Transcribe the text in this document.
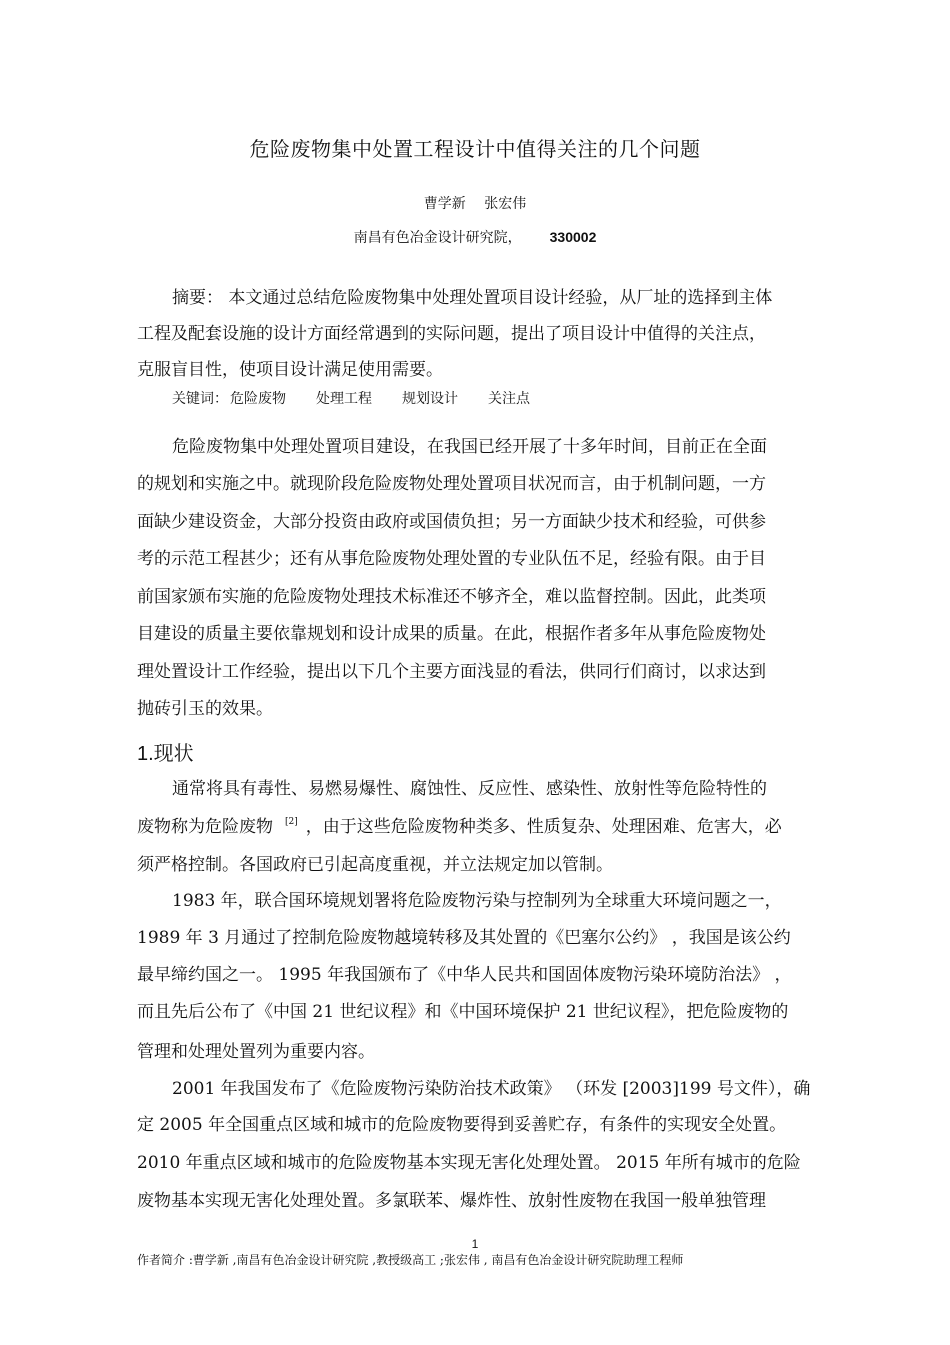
危险废物集中处置工程设计中值得关注的几个问题
曹学新 张宏伟
南昌有色冶金设计研究院， 330002
摘要： 本文通过总结危险废物集中处理处置项目设计经验，从厂址的选择到主体
工程及配套设施的设计方面经常遇到的实际问题，提出了项目设计中值得的关注点，
克服盲目性，使项目设计满足使用需要。
关键词： 危险废物 处理工程 规划设计 关注点
危险废物集中处理处置项目建设，在我国已经开展了十多年时间，目前正在全面
的规划和实施之中。就现阶段危险废物处理处置项目状况而言，由于机制问题，一方
面缺少建设资金，大部分投资由政府或国债负担；另一方面缺少技术和经验，可供参
考的示范工程甚少；还有从事危险废物处理处置的专业队伍不足，经验有限。由于目
前国家颁布实施的危险废物处理技术标准还不够齐全，难以监督控制。因此，此类项
目建设的质量主要依靠规划和设计成果的质量。在此，根据作者多年从事危险废物处
理处置设计工作经验，提出以下几个主要方面浅显的看法，供同行们商讨，以求达到
抛砖引玉的效果。
1.现状
通常将具有毒性、易燃易爆性、腐蚀性、反应性、感染性、放射性等危险特性的
废物称为危险废物 [2] ，由于这些危险废物种类多、性质复杂、处理困难、危害大，必
须严格控制。各国政府已引起高度重视，并立法规定加以管制。
1983 年，联合国环境规划署将危险废物污染与控制列为全球重大环境问题之一，
1989 年 3 月通过了控制危险废物越境转移及其处置的《巴塞尔公约》 ，我国是该公约
最早缔约国之一。 1995 年我国颁布了《中华人民共和国固体废物污染环境防治法》 ，
而且先后公布了《中国 21 世纪议程》和《中国环境保护 21 世纪议程》，把危险废物的
管理和处理处置列为重要内容。
2001 年我国发布了《危险废物污染防治技术政策》 （环发 [2003]199 号文件），确
定 2005 年全国重点区域和城市的危险废物要得到妥善贮存，有条件的实现安全处置。
2010 年重点区域和城市的危险废物基本实现无害化处理处置。 2015 年所有城市的危险
废物基本实现无害化处理处置。多氯联苯、爆炸性、放射性废物在我国一般单独管理
1
作者简介 :曹学新 ,南昌有色冶金设计研究院 ,教授级高工 ;张宏伟 , 南昌有色冶金设计研究院助理工程师
